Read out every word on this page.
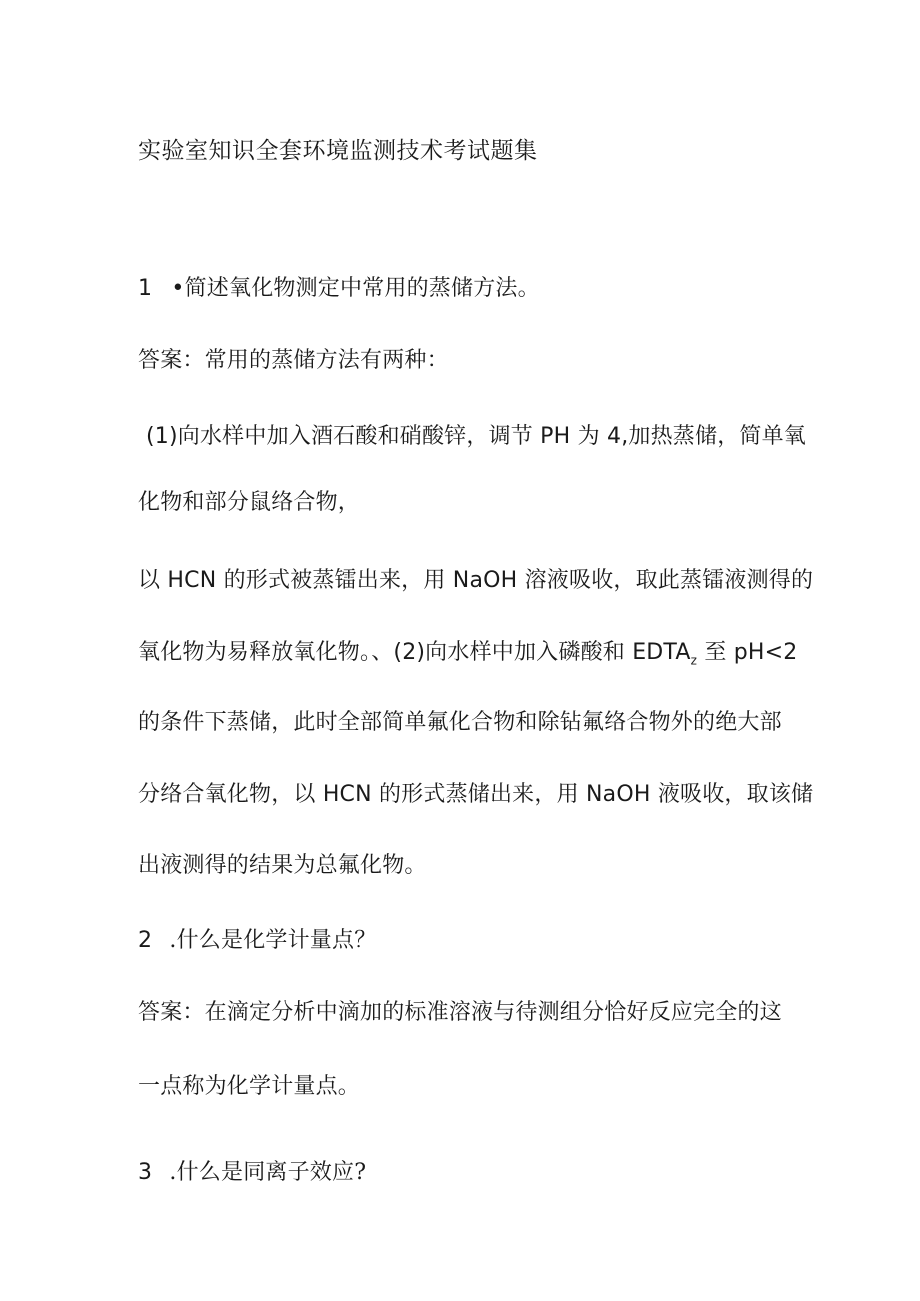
实验室知识全套环境监测技术考试题集
1 •简述氧化物测定中常用的蒸储方法。
答案：常用的蒸储方法有两种：
(1)向水样中加入酒石酸和硝酸锌，调节 PH 为 4,加热蒸储，简单氧
化物和部分鼠络合物，
以 HCN 的形式被蒸镭出来，用 NaOH 溶液吸收，取此蒸镭液测得的
氧化物为易释放氧化物。、(2)向水样中加入磷酸和 $EDTA_z$ 至 pH<2
的条件下蒸储，此时全部简单氟化合物和除钻氟络合物外的绝大部
分络合氧化物，以 HCN 的形式蒸储出来，用 NaOH 液吸收，取该储
出液测得的结果为总氟化物。
2 .什么是化学计量点？
答案：在滴定分析中滴加的标准溶液与待测组分恰好反应完全的这
一点称为化学计量点。
3 .什么是同离子效应?
